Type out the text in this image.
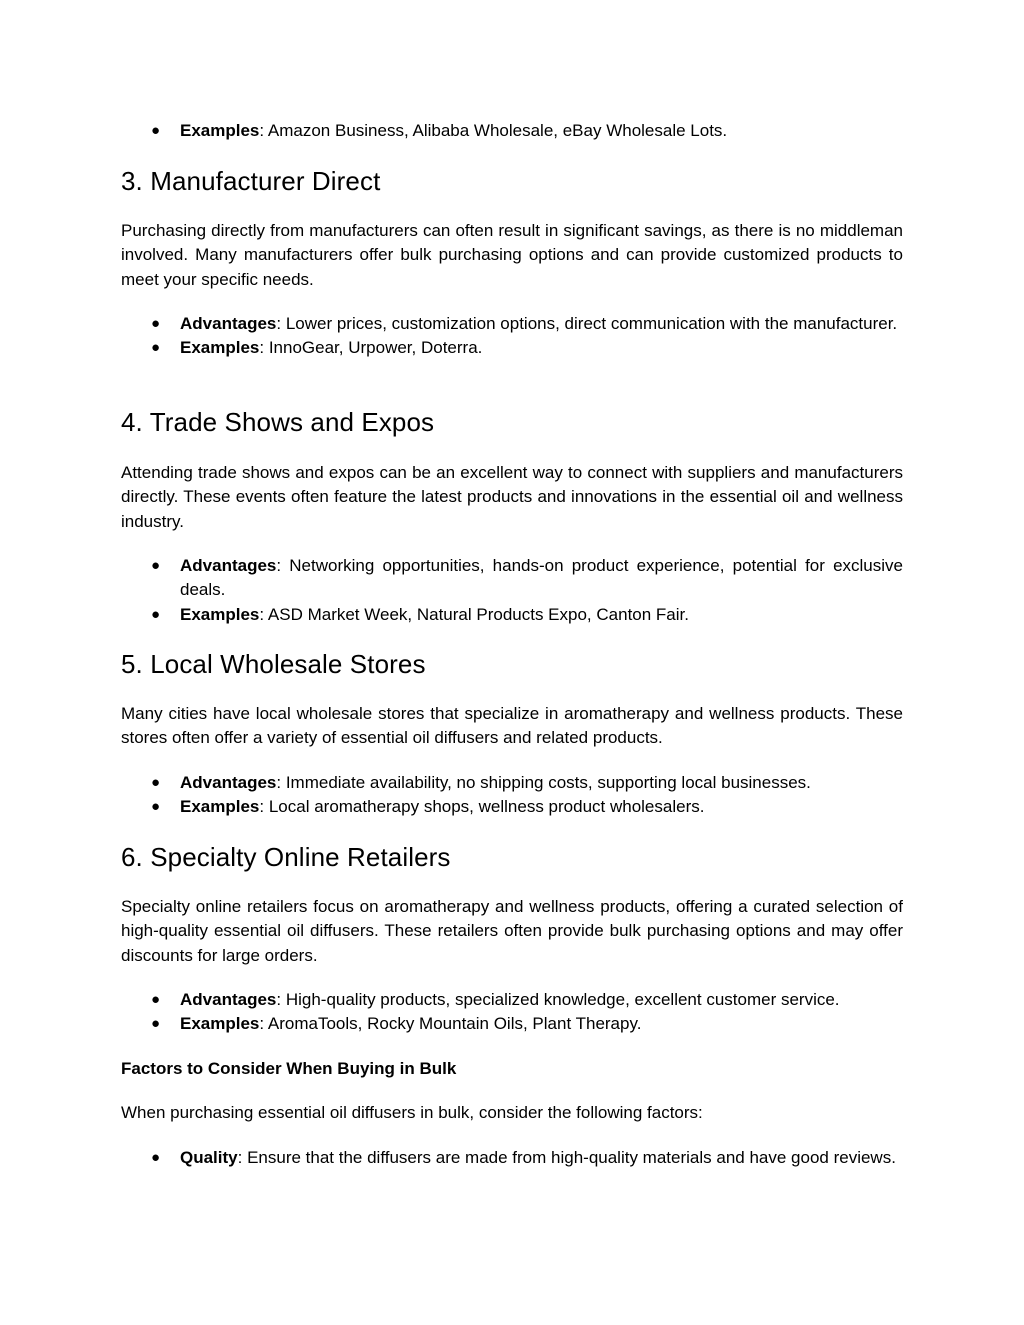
● Examples: Amazon Business, Alibaba Wholesale, eBay Wholesale Lots.
3. Manufacturer Direct

Purchasing directly from manufacturers can often result in significant savings, as there is no middleman involved. Many manufacturers offer bulk purchasing options and can provide customized products to meet your specific needs.

● Advantages: Lower prices, customization options, direct communication with the manufacturer.
● Examples: InnoGear, Urpower, Doterra.
4. Trade Shows and Expos

Attending trade shows and expos can be an excellent way to connect with suppliers and manufacturers directly. These events often feature the latest products and innovations in the essential oil and wellness industry.

● Advantages: Networking opportunities, hands-on product experience, potential for exclusive deals.
● Examples: ASD Market Week, Natural Products Expo, Canton Fair.
5. Local Wholesale Stores

Many cities have local wholesale stores that specialize in aromatherapy and wellness products. These stores often offer a variety of essential oil diffusers and related products.

● Advantages: Immediate availability, no shipping costs, supporting local businesses.
● Examples: Local aromatherapy shops, wellness product wholesalers.
6. Specialty Online Retailers

Specialty online retailers focus on aromatherapy and wellness products, offering a curated selection of high-quality essential oil diffusers. These retailers often provide bulk purchasing options and may offer discounts for large orders.

● Advantages: High-quality products, specialized knowledge, excellent customer service.
● Examples: AromaTools, Rocky Mountain Oils, Plant Therapy.
Factors to Consider When Buying in Bulk

When purchasing essential oil diffusers in bulk, consider the following factors:

● Quality: Ensure that the diffusers are made from high-quality materials and have good reviews.
